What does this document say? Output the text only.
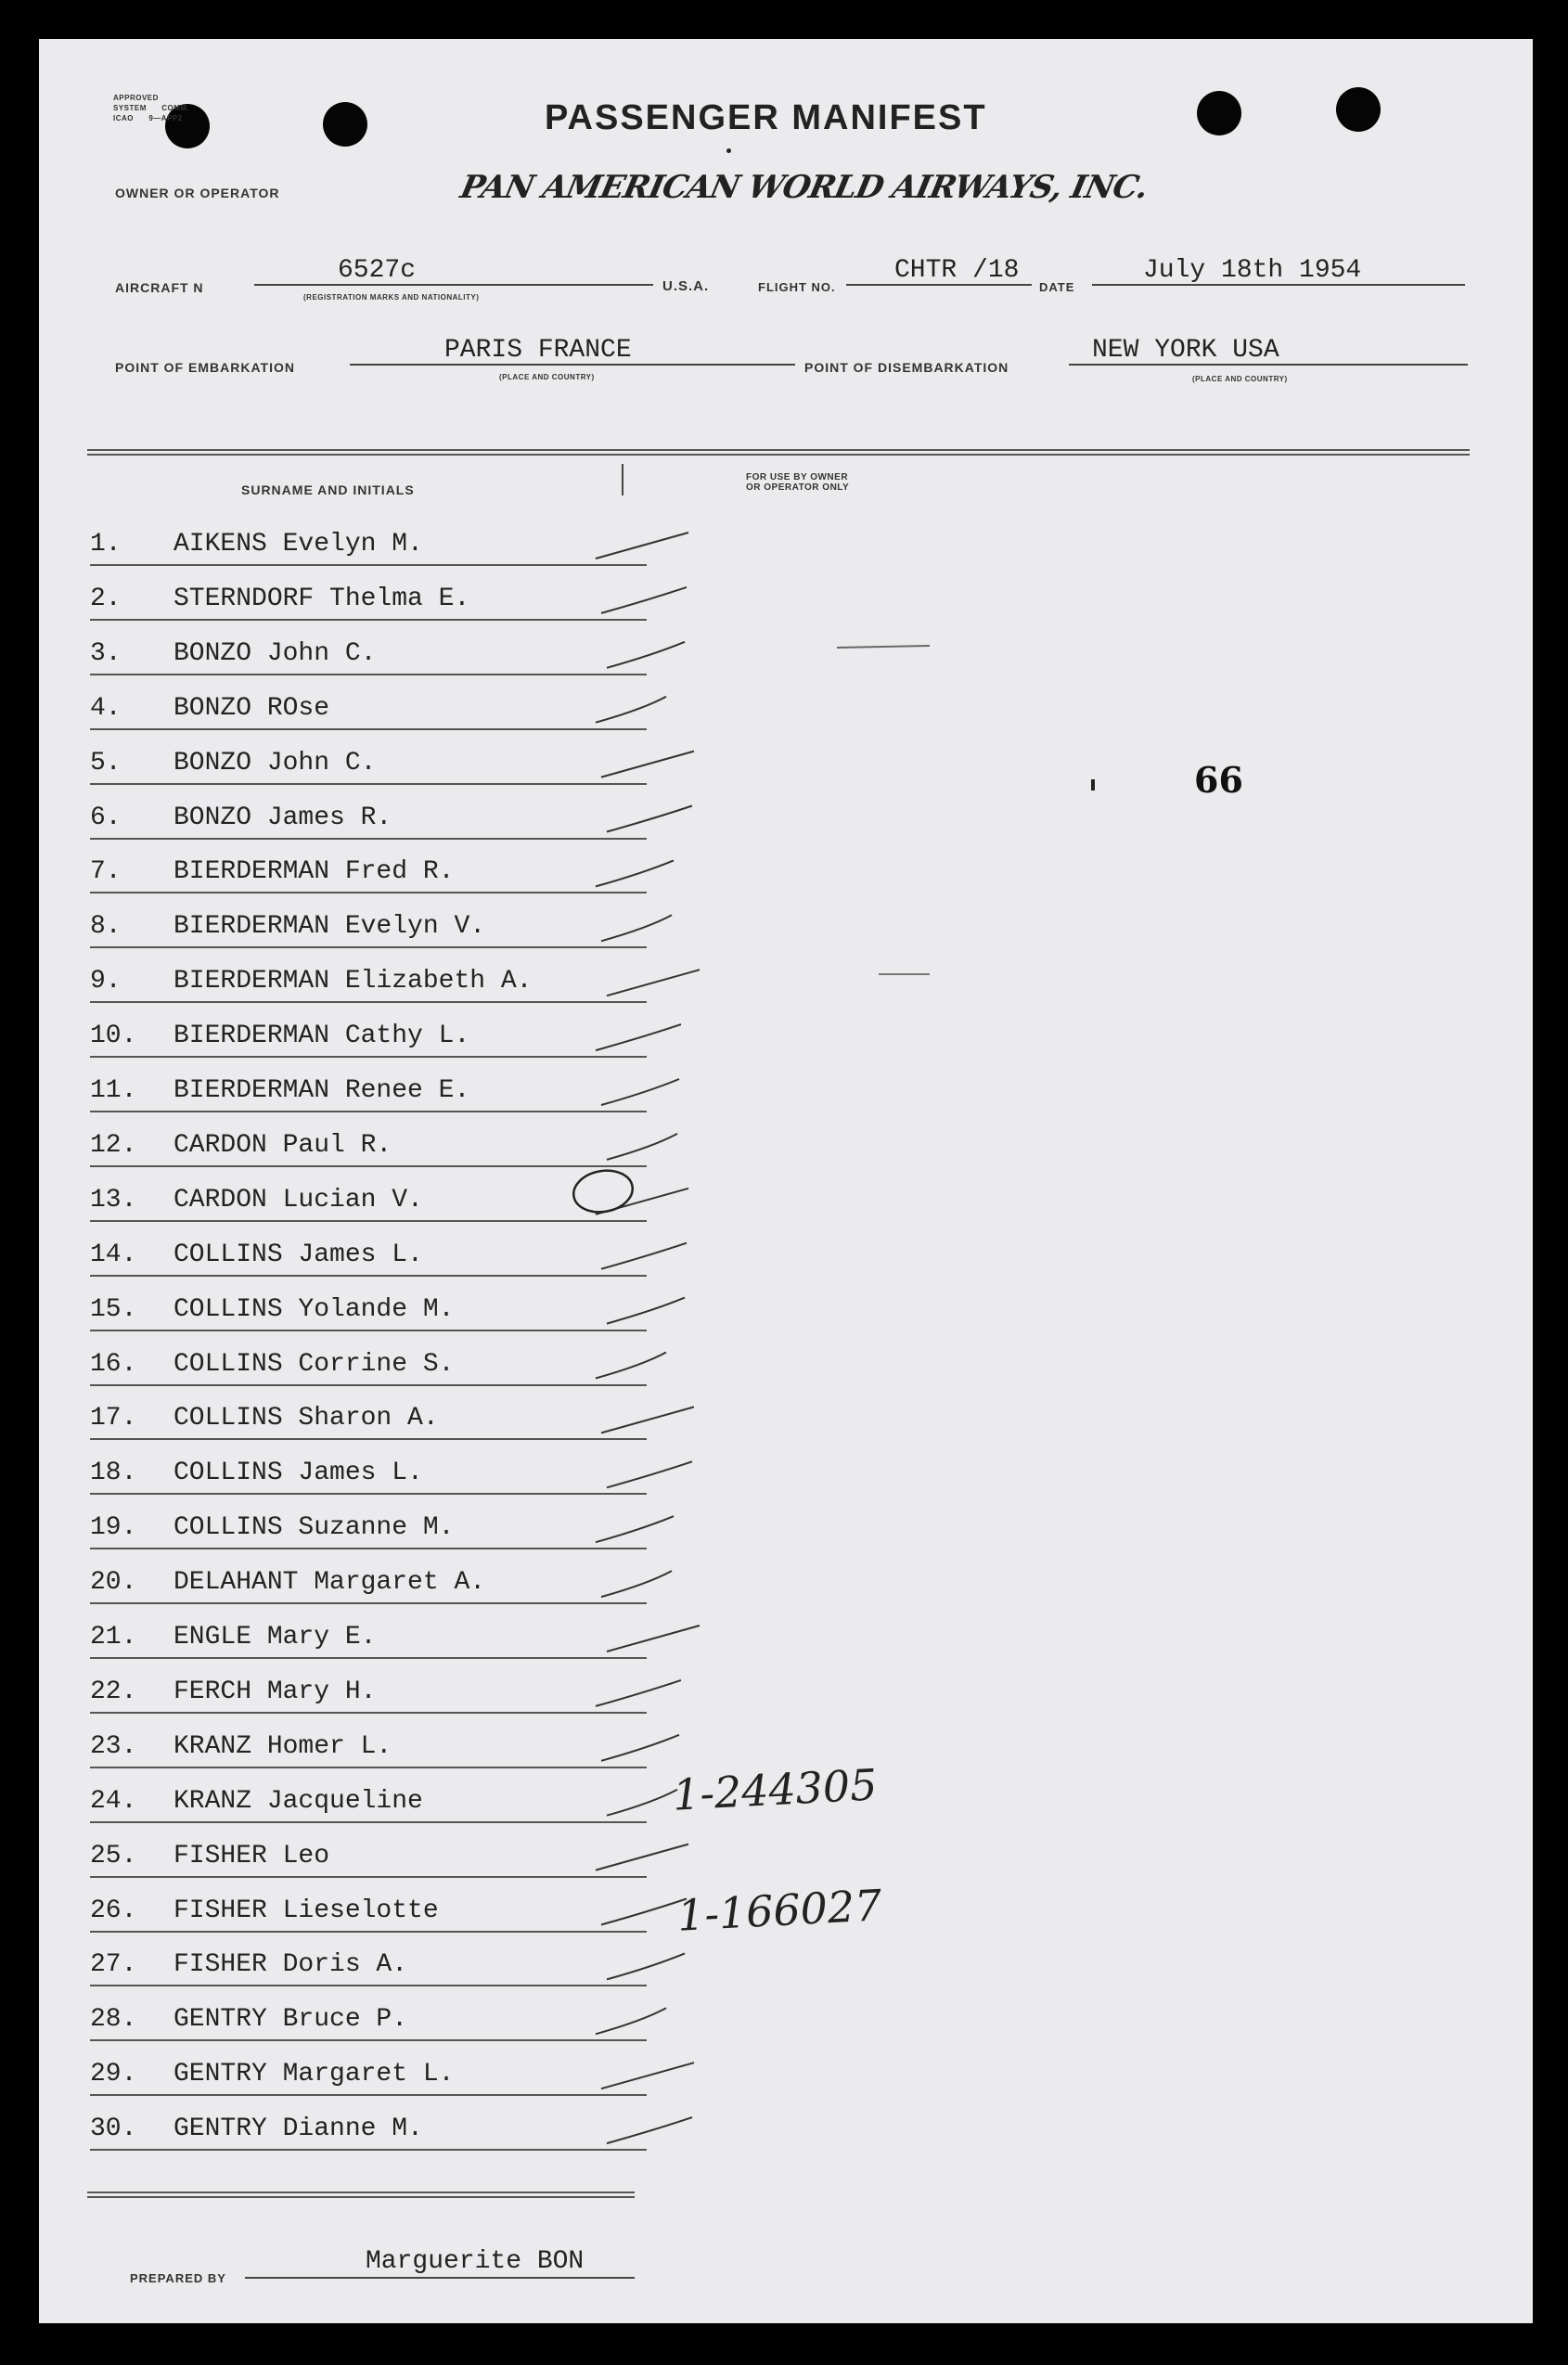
APPROVED
SYSTEM COMM.
ICAO 9—APP2	PASSENGER MANIFEST
OWNER OR OPERATOR	PAN AMERICAN WORLD AIRWAYS, INC.
AIRCRAFT N
6527c
(REGISTRATION MARKS AND NATIONALITY)
U.S.A.	FLIGHT NO.
CHTR /18
DATE
July 18th 1954
POINT OF EMBARKATION
PARIS FRANCE
(PLACE AND COUNTRY)
POINT OF DISEMBARKATION
NEW YORK USA
(PLACE AND COUNTRY)
SURNAME AND INITIALS
FOR USE BY OWNER
OR OPERATOR ONLY
1. AIKENS Evelyn M.
2. STERNDORF Thelma E.
3. BONZO John C.
4. BONZO ROse
5. BONZO John C.
6. BONZO James R.
7. BIERDERMAN Fred R.
8. BIERDERMAN Evelyn V.
9. BIERDERMAN Elizabeth A.
10. BIERDERMAN Cathy L.
11. BIERDERMAN Renee E.
12. CARDON Paul R.
13. CARDON Lucian V.
14. COLLINS James L.
15. COLLINS Yolande M.
16. COLLINS Corrine S.
17. COLLINS Sharon A.
18. COLLINS James L.
19. COLLINS Suzanne M.
20. DELAHANT Margaret A.
21. ENGLE Mary E.
22. FERCH Mary H.
23. KRANZ Homer L.
24. KRANZ Jacqueline
25. FISHER Leo
26. FISHER Lieselotte
27. FISHER Doris A.
28. GENTRY Bruce P.
29. GENTRY Margaret L.
30. GENTRY Dianne M.
66
1-244305
1-166027
PREPARED BY
Marguerite BON
